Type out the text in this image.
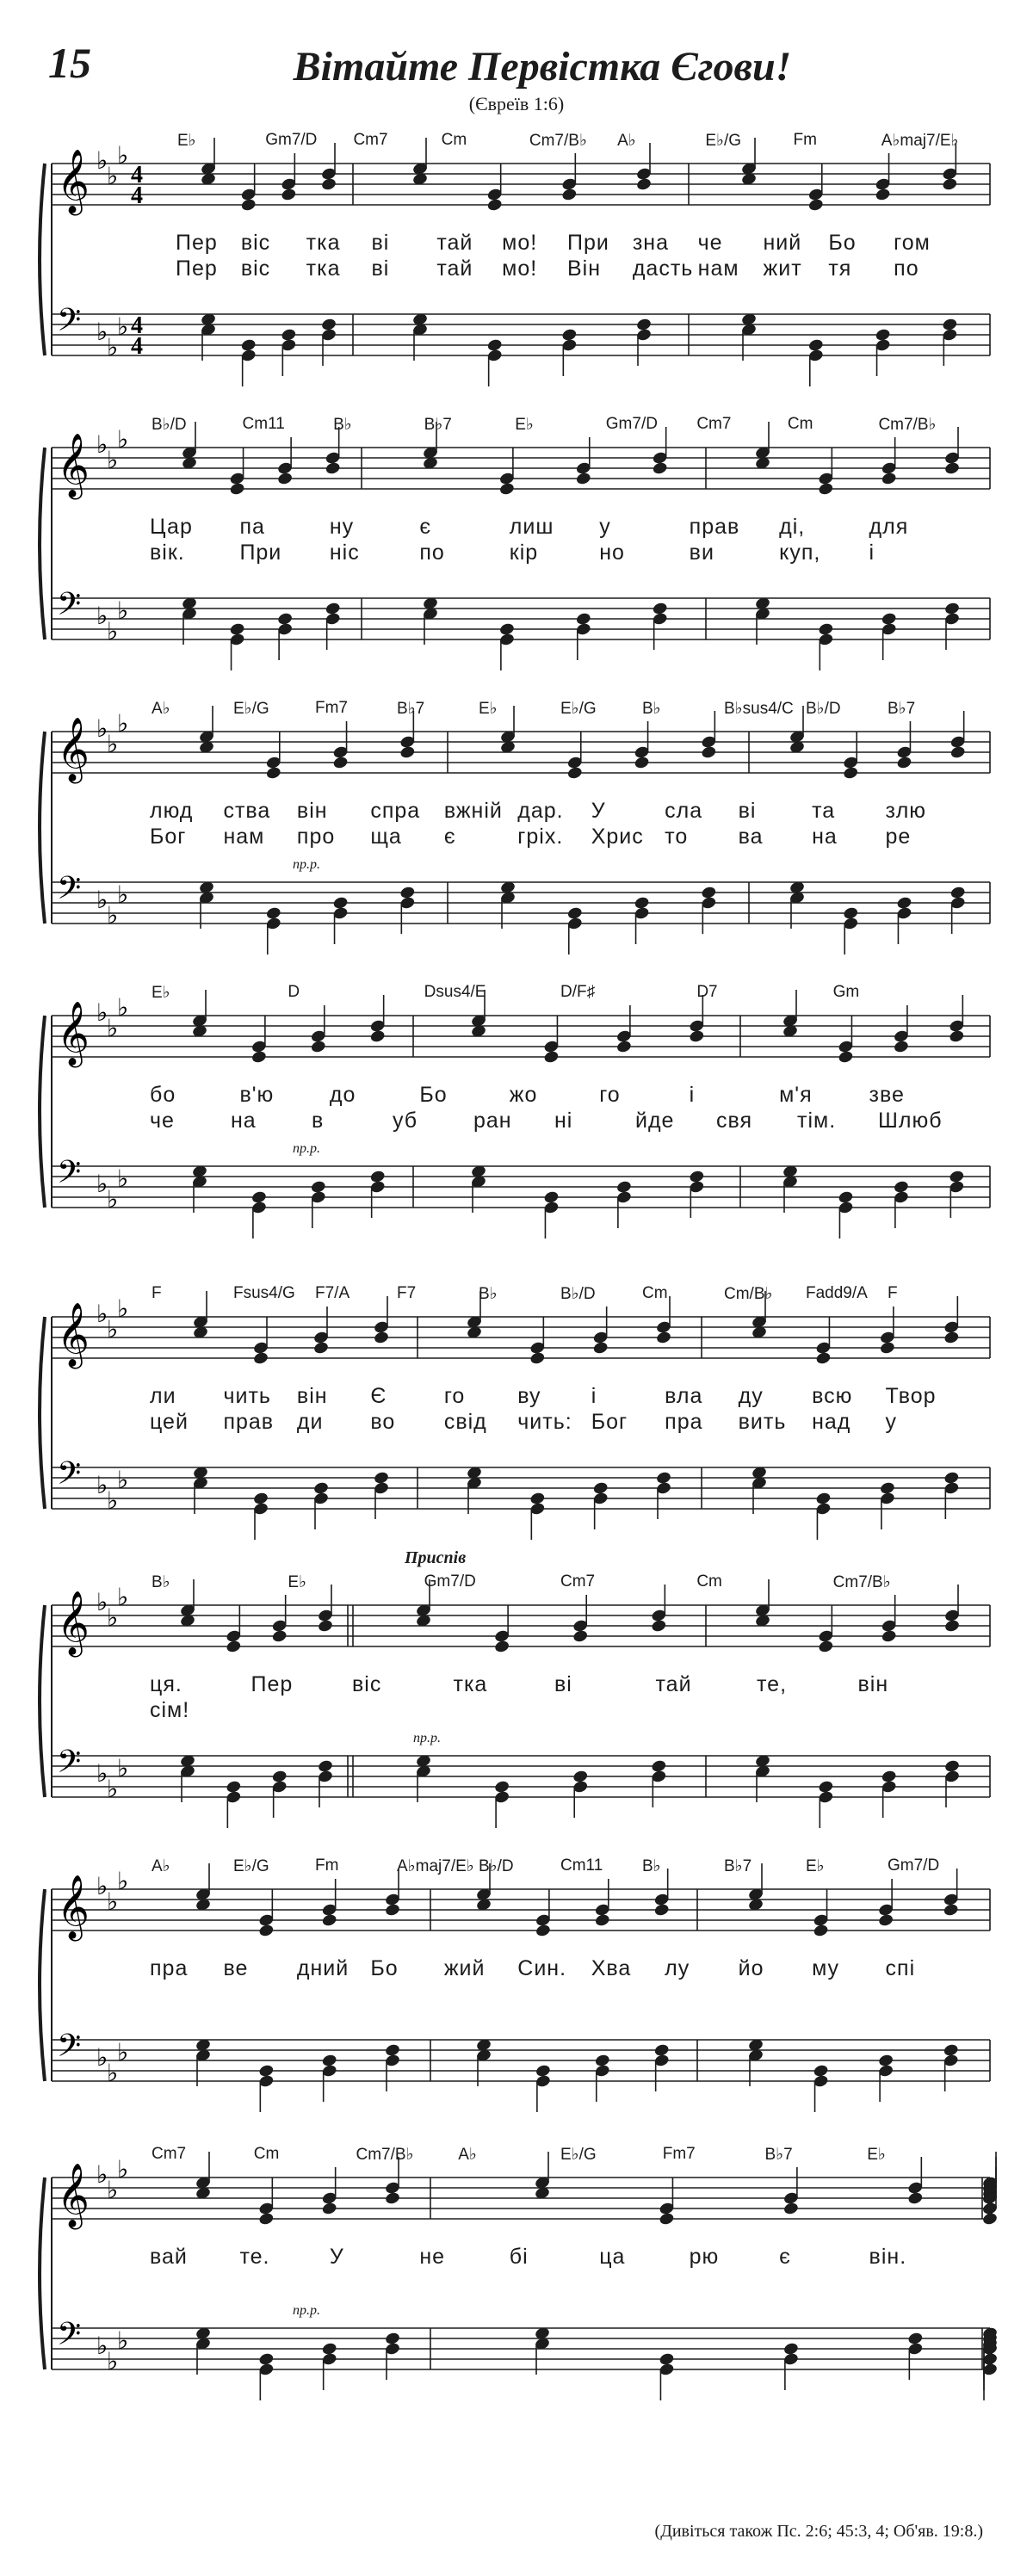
15	Вітайте Первістка Єгови!
(Євреїв 1:6)
𝄞 ♭
♭
♭
4
4
𝄢 ♭
♭
♭ 4
4
E♭	Gm7/D Cm7	Cm	Cm7/B♭ A♭	E♭/G	Fm	A♭maj7/E♭
Пер віс тка ві тай мо! При зна че ний Бо гом
Пер віс тка ві тай мо! Він дасть нам жит тя по
𝄞 ♭
♭
♭
𝄢 ♭
♭
♭
B♭/D	Cm11	B♭	B♭7	E♭	Gm7/D Cm7	Cm	Cm7/B♭
Цар па	ну	є	лиш у	прав ді,	для
вік.	При ніс	по	кір	но	ви	куп, і
𝄞 ♭
♭
♭
𝄢 ♭
♭
♭
A♭	E♭/G	Fm7	B♭7	E♭	E♭/G	B♭	B♭sus4/C B♭/D	B♭7
люд ства він спра вжній дар. У	сла ві	та злю
Бог нам про ща є	гріх. Хрис то ва на ре
пр.р.
𝄞 ♭
♭
♭
𝄢 ♭
♭
♭
E♭	D	Dsus4/E	D/F♯	D7	Gm
бо	в'ю	до	Бо	жо	го	і	м'я	зве
че	на	в	уб	ран ні	йде свя тім. Шлюб
пр.р.
𝄞 ♭
♭
♭
𝄢 ♭
♭
♭
F	Fsus4/G F7/A	F7	B♭	B♭/D	Cm	Cm/B♭ Fadd9/A F
ли чить він Є	го ву і	вла ду всю Твор
цей прав ди во свід чить: Бог пра вить над у
Приспів
𝄞 ♭
♭
♭
𝄢 ♭
♭
♭
B♭	E♭	Gm7/D	Cm7	Cm	Cm7/B♭
ця.	Пер	віс	тка	ві	тай	те,	він
сім!
пр.р.
𝄞 ♭
♭
♭
𝄢 ♭
♭
♭
A♭	E♭/G	Fm	A♭maj7/E♭ B♭/D	Cm11 B♭	B♭7	E♭	Gm7/D
пра ве дний Бо жий Син. Хва лу йо му спі
𝄞 ♭
♭
♭
𝄢 ♭
♭
♭
Cm7	Cm	Cm7/B♭	A♭	E♭/G	Fm7	B♭7	E♭
вай те.	У	не	бі	ца	рю	є	він.
пр.р.
(Дивіться також Пс. 2:6; 45:3, 4; Об'яв. 19:8.)
